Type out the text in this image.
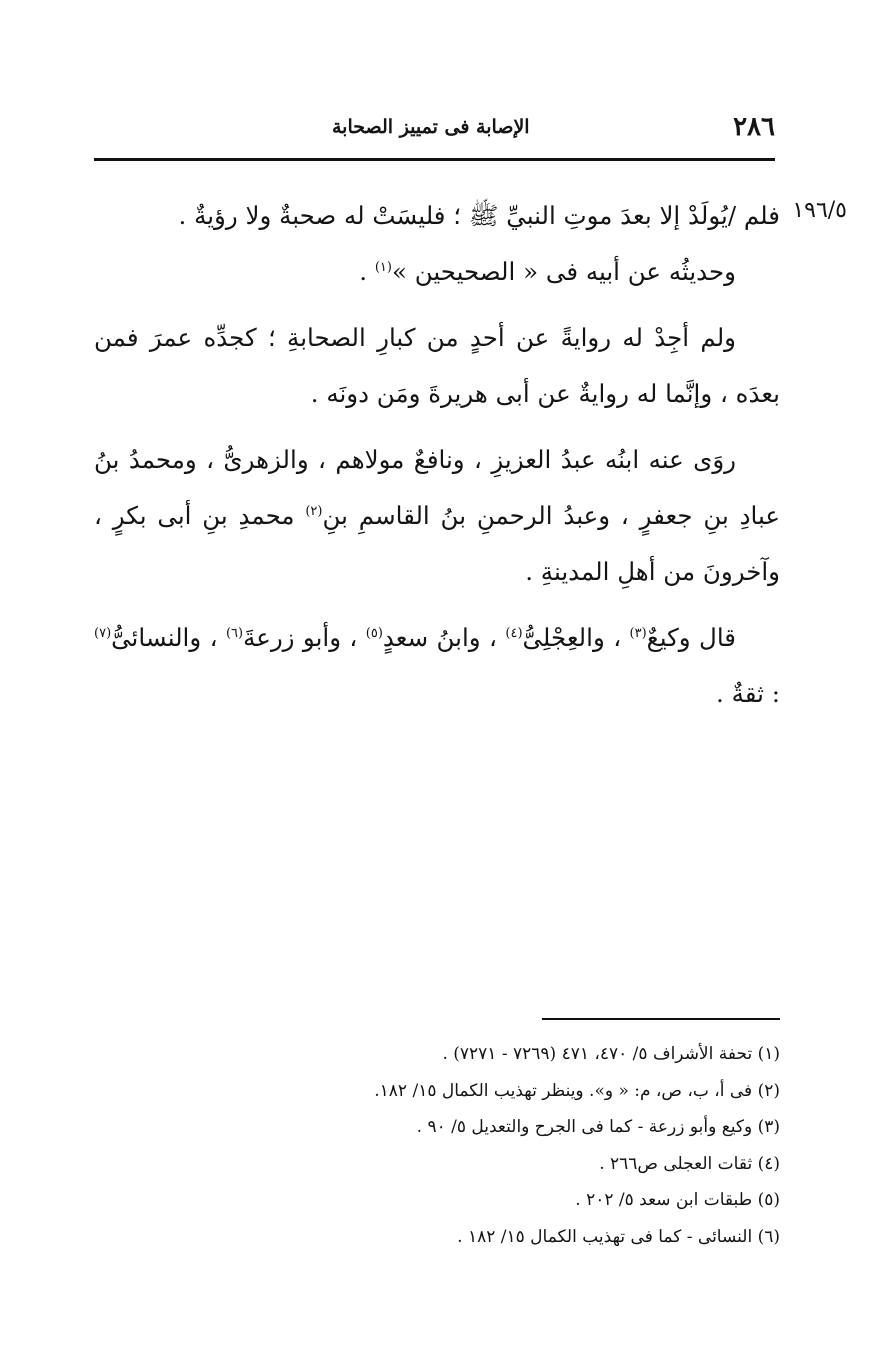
٢٨٦
الإصابة فى تمييز الصحابة
١٩٦/٥

فلم /يُولَدْ إلا بعدَ موتِ النبيِّ ﷺ ؛ فليسَتْ له صحبةٌ ولا رؤيةٌ .

وحديثُه عن أبيه فى « الصحيحين »$^{(١)}$ .

ولم أجِدْ له روايةً عن أحدٍ من كبارِ الصحابةِ ؛ كجدِّه عمرَ فمن بعدَه ، وإنَّما له روايةٌ عن أبى هريرةَ ومَن دونَه .

روَى عنه ابنُه عبدُ العزيزِ ، ونافعٌ مولاهم ، والزهرىُّ ، ومحمدُ بنُ عبادِ بنِ جعفرٍ ، وعبدُ الرحمنِ بنُ القاسمِ بنِ$^{(٢)}$ محمدِ بنِ أبى بكرٍ ، وآخرونَ من أهلِ المدينةِ .

قال وكيعٌ$^{(٣)}$ ، والعِجْلِىُّ$^{(٤)}$ ، وابنُ سعدٍ$^{(٥)}$ ، وأبو زرعةَ$^{(٦)}$ ، والنسائىُّ$^{(٧)}$ : ثقةٌ .

(١) تحفة الأشراف ٥/ ٤٧٠، ٤٧١ (٧٢٦٩ - ٧٢٧١) .
(٢) فى أ، ب، ص، م: « و». وينظر تهذيب الكمال ١٥/ ١٨٢.
(٣) وكيع وأبو زرعة - كما فى الجرح والتعديل ٥/ ٩٠ .
(٤) ثقات العجلى ص٢٦٦ .
(٥) طبقات ابن سعد ٥/ ٢٠٢ .
(٦) النسائى - كما فى تهذيب الكمال ١٥/ ١٨٢ .
